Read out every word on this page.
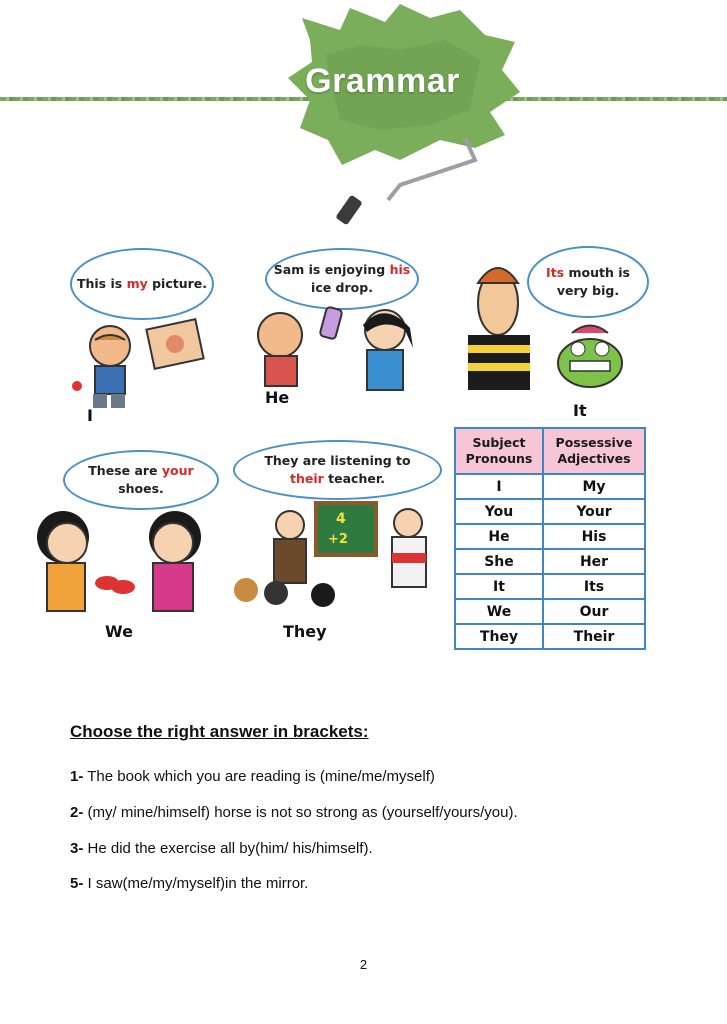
Grammar
This is my picture.
I
Sam is enjoying his ice drop.
He
Its mouth is very big.
It
These are your shoes.
We
They are listening to
their teacher.
4
+2
They
Subject Pronouns	Possessive Adjectives
I	My
You	Your
He	His
She	Her
It	Its
We	Our
They	Their
Choose the right answer in brackets:
1- The book which you are reading is (mine/me/myself)
2- (my/ mine/himself) horse is not so strong as (yourself/yours/you).
3- He did the exercise all by(him/ his/himself).
5- I saw(me/my/myself)in the mirror.
2
